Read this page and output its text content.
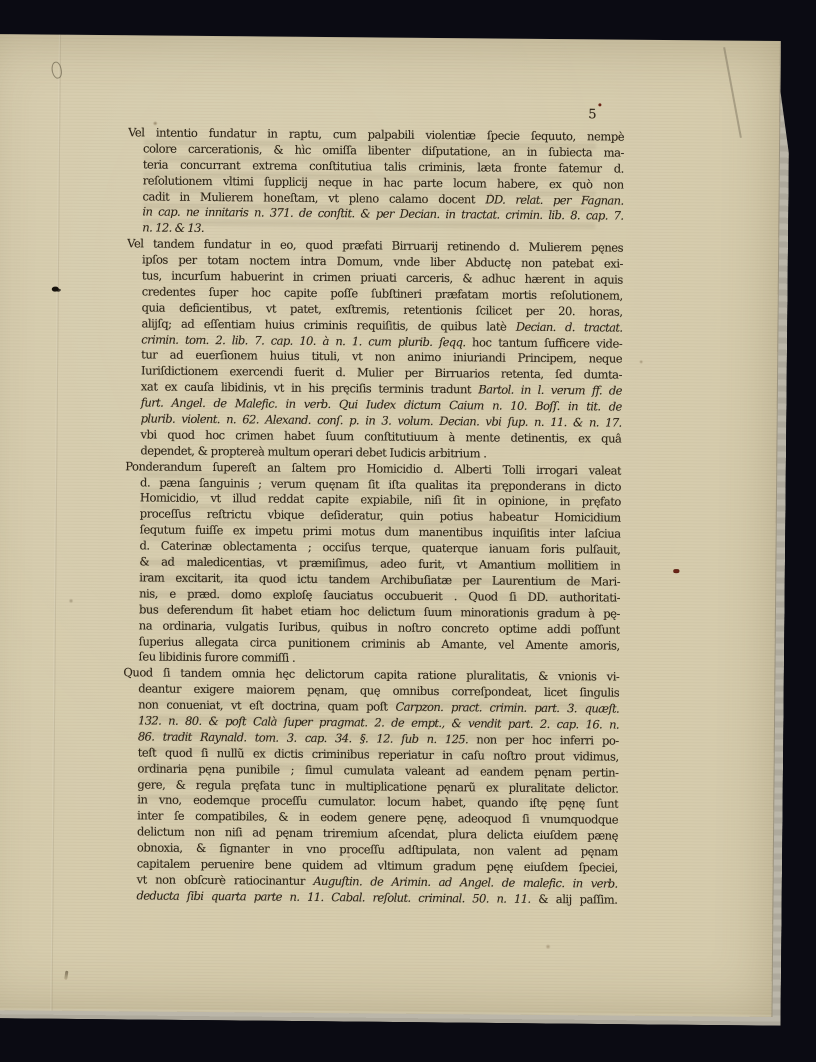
5
Vel intentio fundatur in raptu, cum palpabili violentiæ ſpecie ſequuto, nempè
colore carcerationis, & hìc omiſſa libenter diſputatione, an in ſubiecta ma-
teria concurrant extrema conſtitutiua talis criminis, læta fronte fatemur d.
reſolutionem vltimi ſupplicij neque in hac parte locum habere, ex quò non
cadit in Mulierem honeſtam, vt pleno calamo docent DD. relat. per Fagnan.
in cap. ne innitaris n. 371. de conſtit. & per Decian. in tractat. crimin. lib. 8. cap. 7.
n. 12. & 13.
Vel tandem fundatur in eo, quod præfati Birruarij retinendo d. Mulierem pęnes
ipſos per totam noctem intra Domum, vnde liber Abductę non patebat exi-
tus, incurſum habuerint in crimen priuati carceris, & adhuc hærent in aquis
credentes ſuper hoc capite poſſe ſubſtineri præfatam mortis reſolutionem,
quia deficientibus, vt patet, exſtremis, retentionis ſcilicet per 20. horas,
alijſq; ad eſſentiam huius criminis requiſitis, de quibus latè Decian. d. tractat.
crimin. tom. 2. lib. 7. cap. 10. à n. 1. cum plurib. ſeqq. hoc tantum ſufficere vide-
tur ad euerſionem huius tituli, vt non animo iniuriandi Principem, neque
Iuriſdictionem exercendi fuerit d. Mulier per Birruarios retenta, ſed dumta-
xat ex cauſa libidinis, vt in his pręciſis terminis tradunt Bartol. in l. verum ff. de
furt. Angel. de Malefic. in verb. Qui Iudex dictum Caium n. 10. Boſſ. in tit. de
plurib. violent. n. 62. Alexand. conſ. p. in 3. volum. Decian. vbi ſup. n. 11. & n. 17.
vbi quod hoc crimen habet ſuum conſtitutiuum à mente detinentis, ex quâ
dependet, & proptereà multum operari debet Iudicis arbitrium .
Ponderandum ſupereſt an ſaltem pro Homicidio d. Alberti Tolli irrogari valeat
d. pæna ſanguinis ; verum quęnam ſit iſta qualitas ita pręponderans in dicto
Homicidio, vt illud reddat capite expiabile, niſi ſit in opinione, in pręfato
proceſſus reſtrictu vbique deſideratur, quin potius habeatur Homicidium
ſequtum fuiſſe ex impetu primi motus dum manentibus inquiſitis inter laſciua
d. Caterinæ oblectamenta ; occiſus terque, quaterque ianuam foris pulſauit,
& ad maledicentias, vt præmiſimus, adeo furit, vt Amantium mollitiem in
iram excitarit, ita quod ictu tandem Archibuſiatæ per Laurentium de Mari-
nis, e præd. domo exploſę ſauciatus occubuerit . Quod ſi DD. authoritati-
bus deferendum ſit habet etiam hoc delictum ſuum minorationis gradum à pę-
na ordinaria, vulgatis Iuribus, quibus in noſtro concreto optime addi poſſunt
ſuperius allegata circa punitionem criminis ab Amante, vel Amente amoris,
ſeu libidinis furore commiſſi .
Quod ſi tandem omnia hęc delictorum capita ratione pluralitatis, & vnionis vi-
deantur exigere maiorem pęnam, quę omnibus correſpondeat, licet ſingulis
non conueniat, vt eſt doctrina, quam poſt Carpzon. pract. crimin. part. 3. quæſt.
132. n. 80. & poſt Calà ſuper pragmat. 2. de empt., & vendit part. 2. cap. 16. n.
86. tradit Raynald. tom. 3. cap. 34. §. 12. ſub n. 125. non per hoc inferri po-
teſt quod ſi nullũ ex dictis criminibus reperiatur in caſu noſtro prout vidimus,
ordinaria pęna punibile ; ſimul cumulata valeant ad eandem pęnam pertin-
gere, & regula pręfata tunc in multiplicatione pęnarũ ex pluralitate delictor.
in vno, eodemque proceſſu cumulator. locum habet, quando iſtę pęnę ſunt
inter ſe compatibiles, & in eodem genere pęnę, adeoquod ſi vnumquodque
delictum non niſi ad pęnam triremium aſcendat, plura delicta eiuſdem pænę
obnoxia, & ſignanter in vno proceſſu adſtipulata, non valent ad pęnam
capitalem peruenire bene quidem ad vltimum gradum pęnę eiuſdem ſpeciei,
vt non obſcurè ratiocinantur Auguſtin. de Arimin. ad Angel. de malefic. in verb.
deducta ſibi quarta parte n. 11. Cabal. reſolut. criminal. 50. n. 11. & alij paſſim.
